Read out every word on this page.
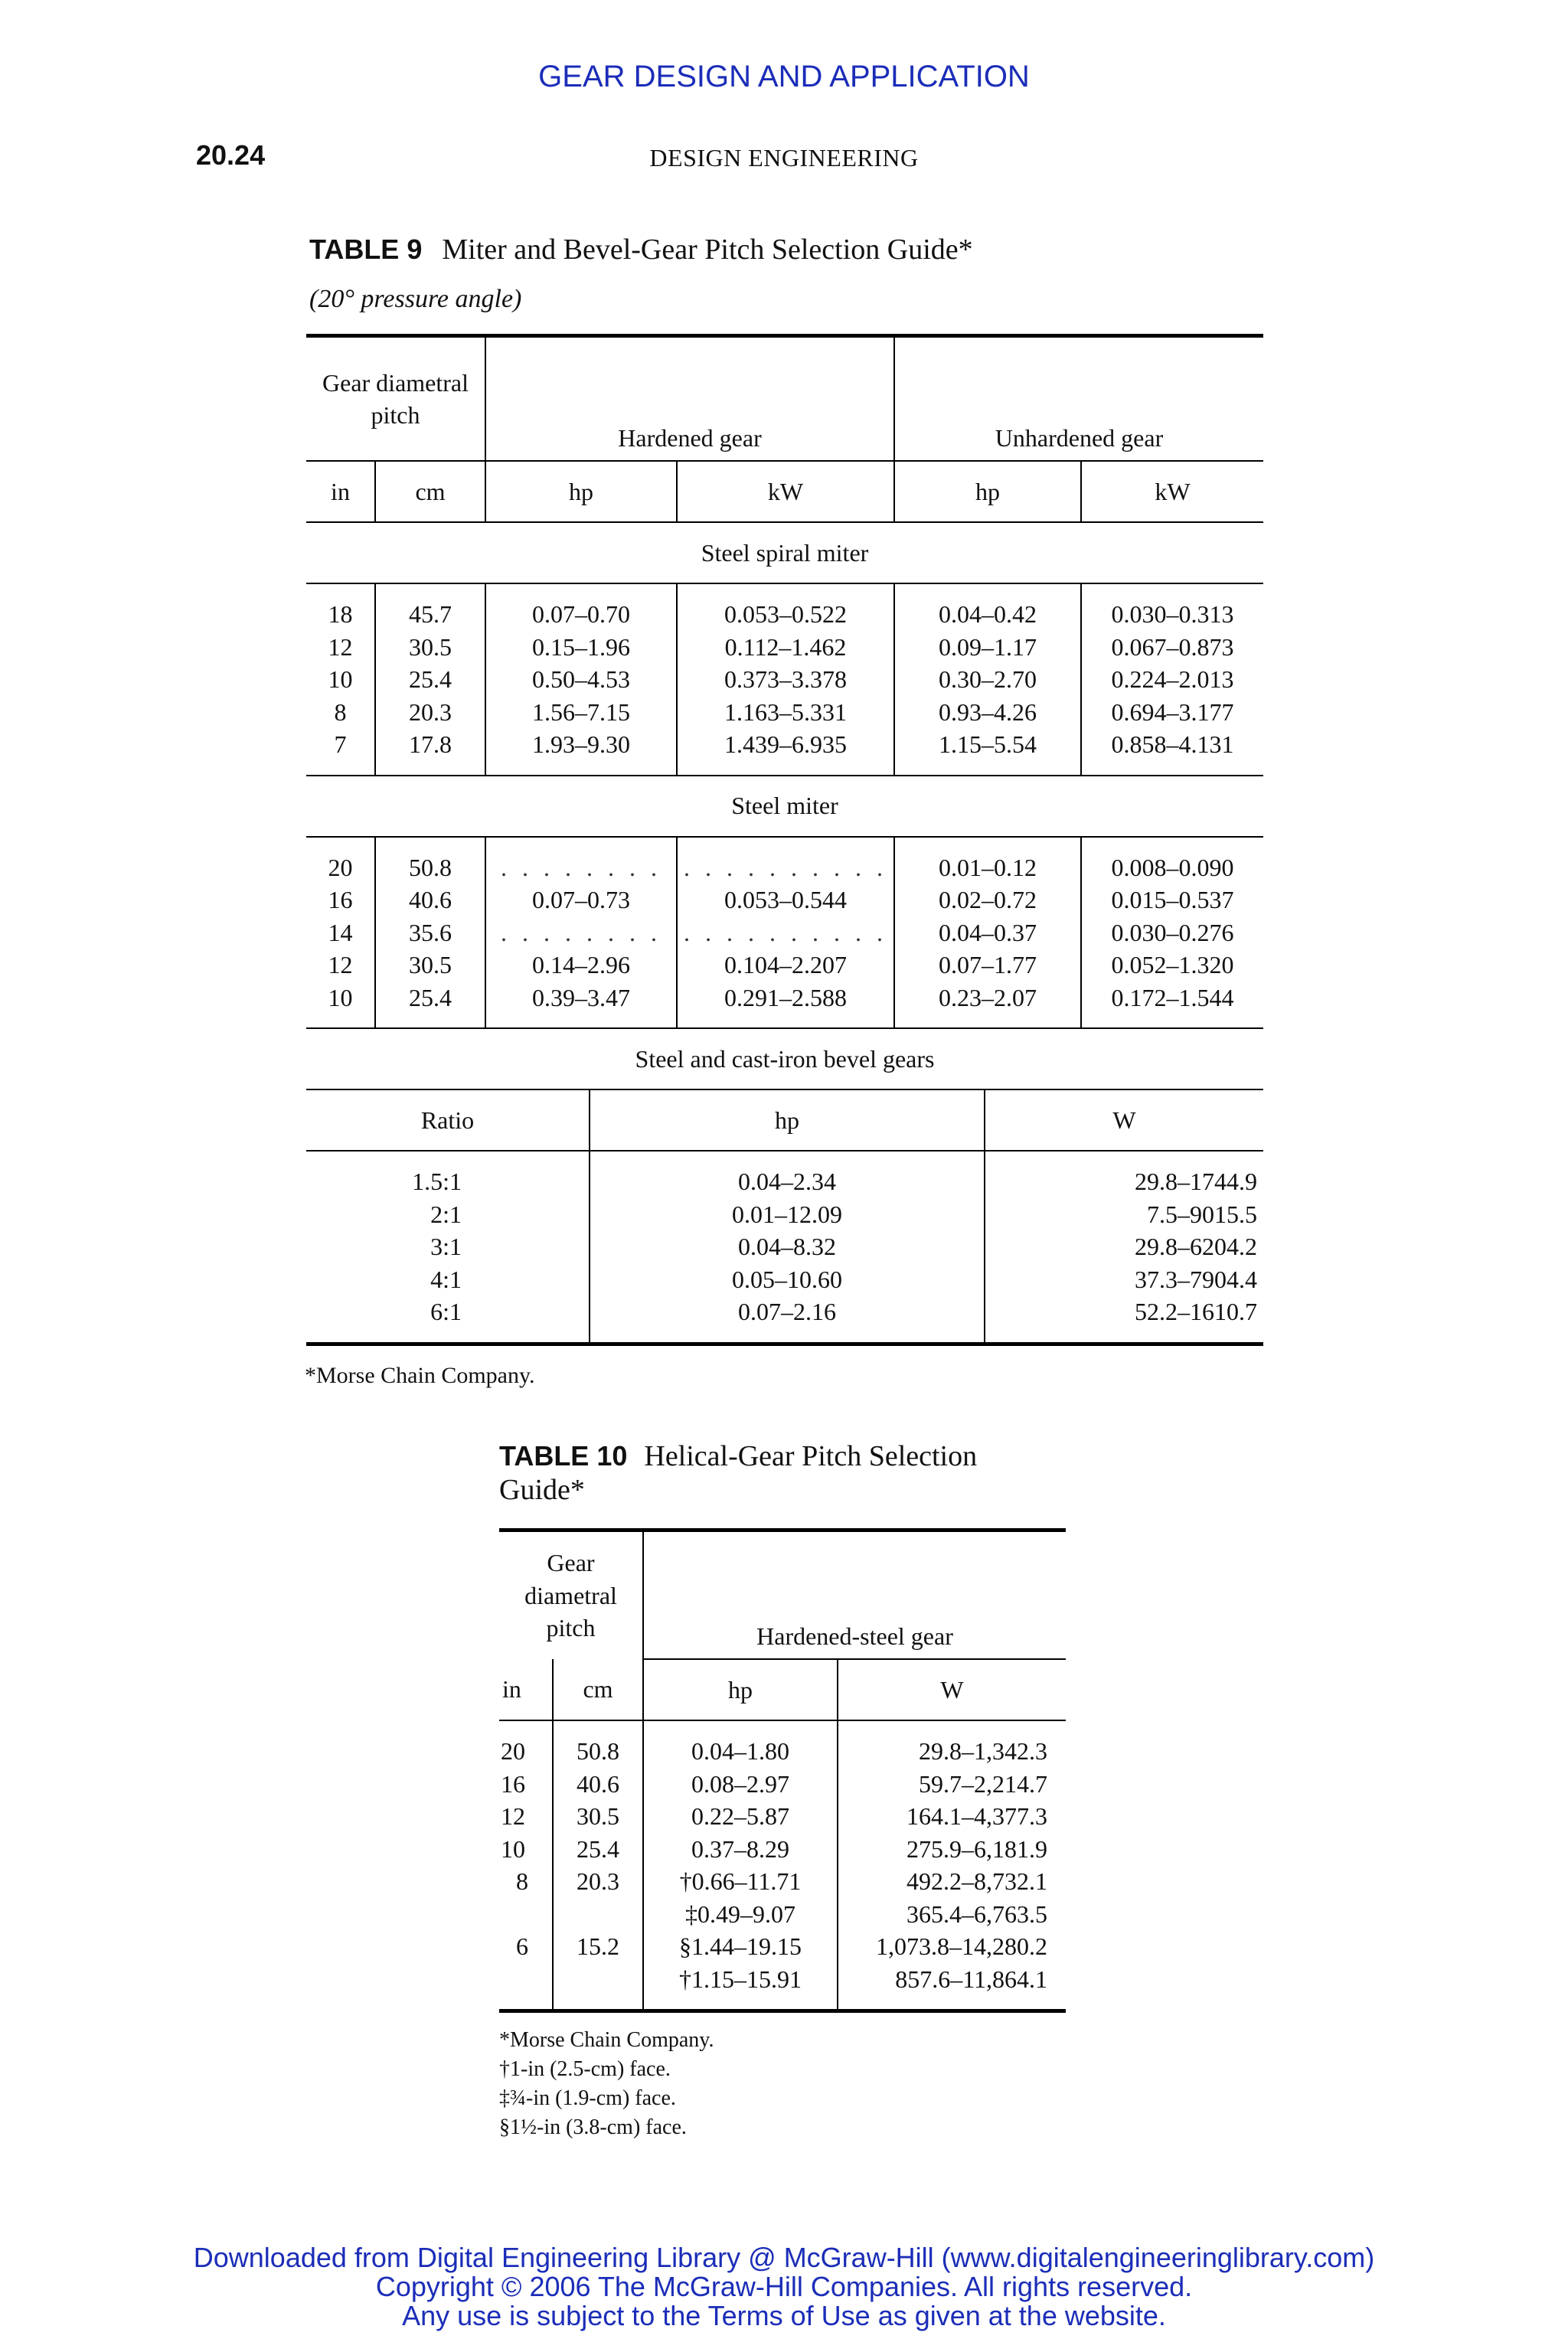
GEAR DESIGN AND APPLICATION
20.24	DESIGN ENGINEERING
TABLE 9 Miter and Bevel-Gear Pitch Selection Guide*
(20° pressure angle)
Gear diametral pitch	Hardened gear	Unhardened gear
in	cm	hp	kW	hp	kW
Steel spiral miter

18	45.7	0.07–0.70	0.053–0.522	0.04–0.42	0.030–0.313
12	30.5	0.15–1.96	0.112–1.462	0.09–1.17	0.067–0.873
10	25.4	0.50–4.53	0.373–3.378	0.30–2.70	0.224–2.013
8	20.3	1.56–7.15	1.163–5.331	0.93–4.26	0.694–3.177
7	17.8	1.93–9.30	1.439–6.935	1.15–5.54	0.858–4.131

Steel miter

20	50.8	. . . . . . . .	. . . . . . . . . .	0.01–0.12	0.008–0.090
16	40.6	0.07–0.73	0.053–0.544	0.02–0.72	0.015–0.537
14	35.6	. . . . . . . .	. . . . . . . . . .	0.04–0.37	0.030–0.276
12	30.5	0.14–2.96	0.104–2.207	0.07–1.77	0.052–1.320
10	25.4	0.39–3.47	0.291–2.588	0.23–2.07	0.172–1.544

Steel and cast-iron bevel gears

Ratio	hp	W

1.5:1	0.04–2.34	29.8–1744.9
2:1	0.01–12.09	7.5–9015.5
3:1	0.04–8.32	29.8–6204.2
4:1	0.05–10.60	37.3–7904.4
6:1	0.07–2.16	52.2–1610.7

*Morse Chain Company.
TABLE 10 Helical-Gear Pitch Selection
Guide*
Gear diametral pitch		Hardened-steel gear	
in	cm	hp	W

20	50.8	0.04–1.80	29.8–1,342.3
16	40.6	0.08–2.97	59.7–2,214.7
12	30.5	0.22–5.87	164.1–4,377.3
10	25.4	0.37–8.29	275.9–6,181.9
8	20.3	†0.66–11.71	492.2–8,732.1
		‡0.49–9.07	365.4–6,763.5
6	15.2	§1.44–19.15	1,073.8–14,280.2
		†1.15–15.91	857.6–11,864.1

*Morse Chain Company.
†1-in (2.5-cm) face.
‡¾-in (1.9-cm) face.
§1½-in (3.8-cm) face.
Downloaded from Digital Engineering Library @ McGraw-Hill (www.digitalengineeringlibrary.com)
Copyright © 2006 The McGraw-Hill Companies. All rights reserved.
Any use is subject to the Terms of Use as given at the website.
